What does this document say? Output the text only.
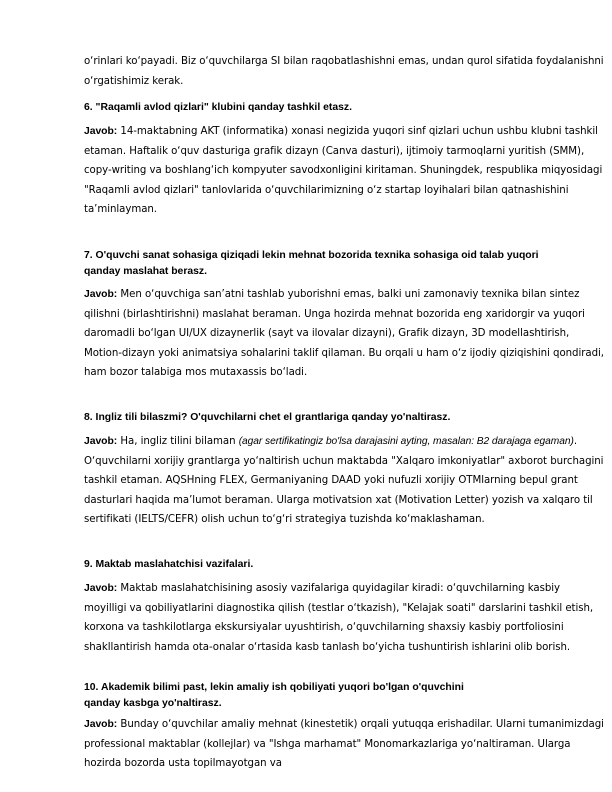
o‘rinlari ko‘payadi. Biz o‘quvchilarga SI bilan raqobatlashishni emas, undan qurol sifatida foydalanishni o‘rgatishimiz kerak.

6. "Raqamli avlod qizlari" klubini qanday tashkil etasz.

Javob: 14-maktabning AKT (informatika) xonasi negizida yuqori sinf qizlari uchun ushbu klubni tashkil etaman. Haftalik o‘quv dasturiga grafik dizayn (Canva dasturi), ijtimoiy tarmoqlarni yuritish (SMM), copy-writing va boshlang‘ich kompyuter savodxonligini kiritaman. Shuningdek, respublika miqyosidagi "Raqamli avlod qizlari" tanlovlarida o‘quvchilarimizning o‘z startap loyihalari bilan qatnashishini ta’minlayman.

7. O'quvchi sanat sohasiga qiziqadi lekin mehnat bozorida texnika sohasiga oid talab yuqori qanday maslahat berasz.

Javob: Men o‘quvchiga san’atni tashlab yuborishni emas, balki uni zamonaviy texnika bilan sintez qilishni (birlashtirishni) maslahat beraman. Unga hozirda mehnat bozorida eng xaridorgir va yuqori daromadli bo‘lgan UI/UX dizaynerlik (sayt va ilovalar dizayni), Grafik dizayn, 3D modellashtirish, Motion-dizayn yoki animatsiya sohalarini taklif qilaman. Bu orqali u ham o‘z ijodiy qiziqishini qondiradi, ham bozor talabiga mos mutaxassis bo‘ladi.

8. Ingliz tili bilaszmi? O'quvchilarni chet el grantlariga qanday yo'naltirasz.

Javob: Ha, ingliz tilini bilaman (agar sertifikatingiz bo'lsa darajasini ayting, masalan: B2 darajaga egaman). O‘quvchilarni xorijiy grantlarga yo‘naltirish uchun maktabda "Xalqaro imkoniyatlar" axborot burchagini tashkil etaman. AQSHning FLEX, Germaniyaning DAAD yoki nufuzli xorijiy OTMlarning bepul grant dasturlari haqida ma’lumot beraman. Ularga motivatsion xat (Motivation Letter) yozish va xalqaro til sertifikati (IELTS/CEFR) olish uchun to‘g‘ri strategiya tuzishda ko‘maklashaman.

9. Maktab maslahatchisi vazifalari.

Javob: Maktab maslahatchisining asosiy vazifalariga quyidagilar kiradi: o‘quvchilarning kasbiy moyilligi va qobiliyatlarini diagnostika qilish (testlar o‘tkazish), "Kelajak soati" darslarini tashkil etish, korxona va tashkilotlarga ekskursiyalar uyushtirish, o‘quvchilarning shaxsiy kasbiy portfoliosini shakllantirish hamda ota-onalar o‘rtasida kasb tanlash bo‘yicha tushuntirish ishlarini olib borish.

10. Akademik bilimi past, lekin amaliy ish qobiliyati yuqori bo'lgan o'quvchini qanday kasbga yo'naltirasz.

Javob: Bunday o‘quvchilar amaliy mehnat (kinestetik) orqali yutuqqa erishadilar. Ularni tumanimizdagi professional maktablar (kollejlar) va "Ishga marhamat" Monomarkazlariga yo‘naltiraman. Ularga hozirda bozorda usta topilmayotgan va
